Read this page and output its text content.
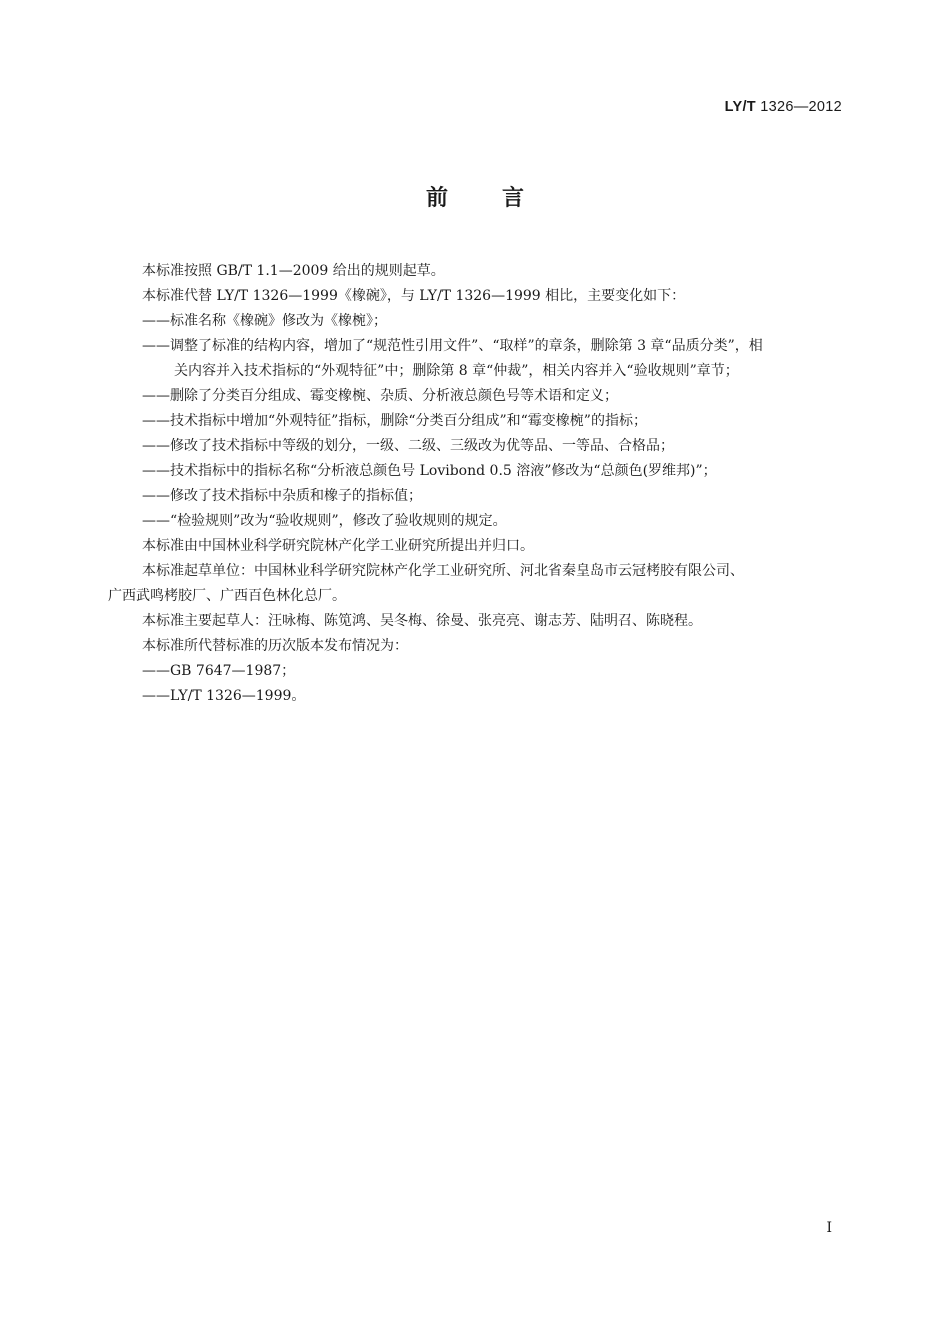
LY/T 1326—2012
前言
本标准按照 GB/T 1.1—2009 给出的规则起草。
本标准代替 LY/T 1326—1999《橡碗》，与 LY/T 1326—1999 相比，主要变化如下：
——标准名称《橡碗》修改为《橡椀》；
——调整了标准的结构内容，增加了“规范性引用文件”、“取样”的章条，删除第 3 章“品质分类”，相
关内容并入技术指标的“外观特征”中；删除第 8 章“仲裁”，相关内容并入“验收规则”章节；
——删除了分类百分组成、霉变橡椀、杂质、分析液总颜色号等术语和定义；
——技术指标中增加“外观特征”指标，删除“分类百分组成”和“霉变橡椀”的指标；
——修改了技术指标中等级的划分，一级、二级、三级改为优等品、一等品、合格品；
——技术指标中的指标名称“分析液总颜色号 Lovibond 0.5 溶液”修改为“总颜色(罗维邦)”；
——修改了技术指标中杂质和橡子的指标值；
——“检验规则”改为“验收规则”，修改了验收规则的规定。
本标准由中国林业科学研究院林产化学工业研究所提出并归口。
本标准起草单位：中国林业科学研究院林产化学工业研究所、河北省秦皇岛市云冠栲胶有限公司、
广西武鸣栲胶厂、广西百色林化总厂。
本标准主要起草人：汪咏梅、陈笕鸿、吴冬梅、徐曼、张亮亮、谢志芳、陆明召、陈晓程。
本标准所代替标准的历次版本发布情况为：
——GB 7647—1987；
——LY/T 1326—1999。
I
